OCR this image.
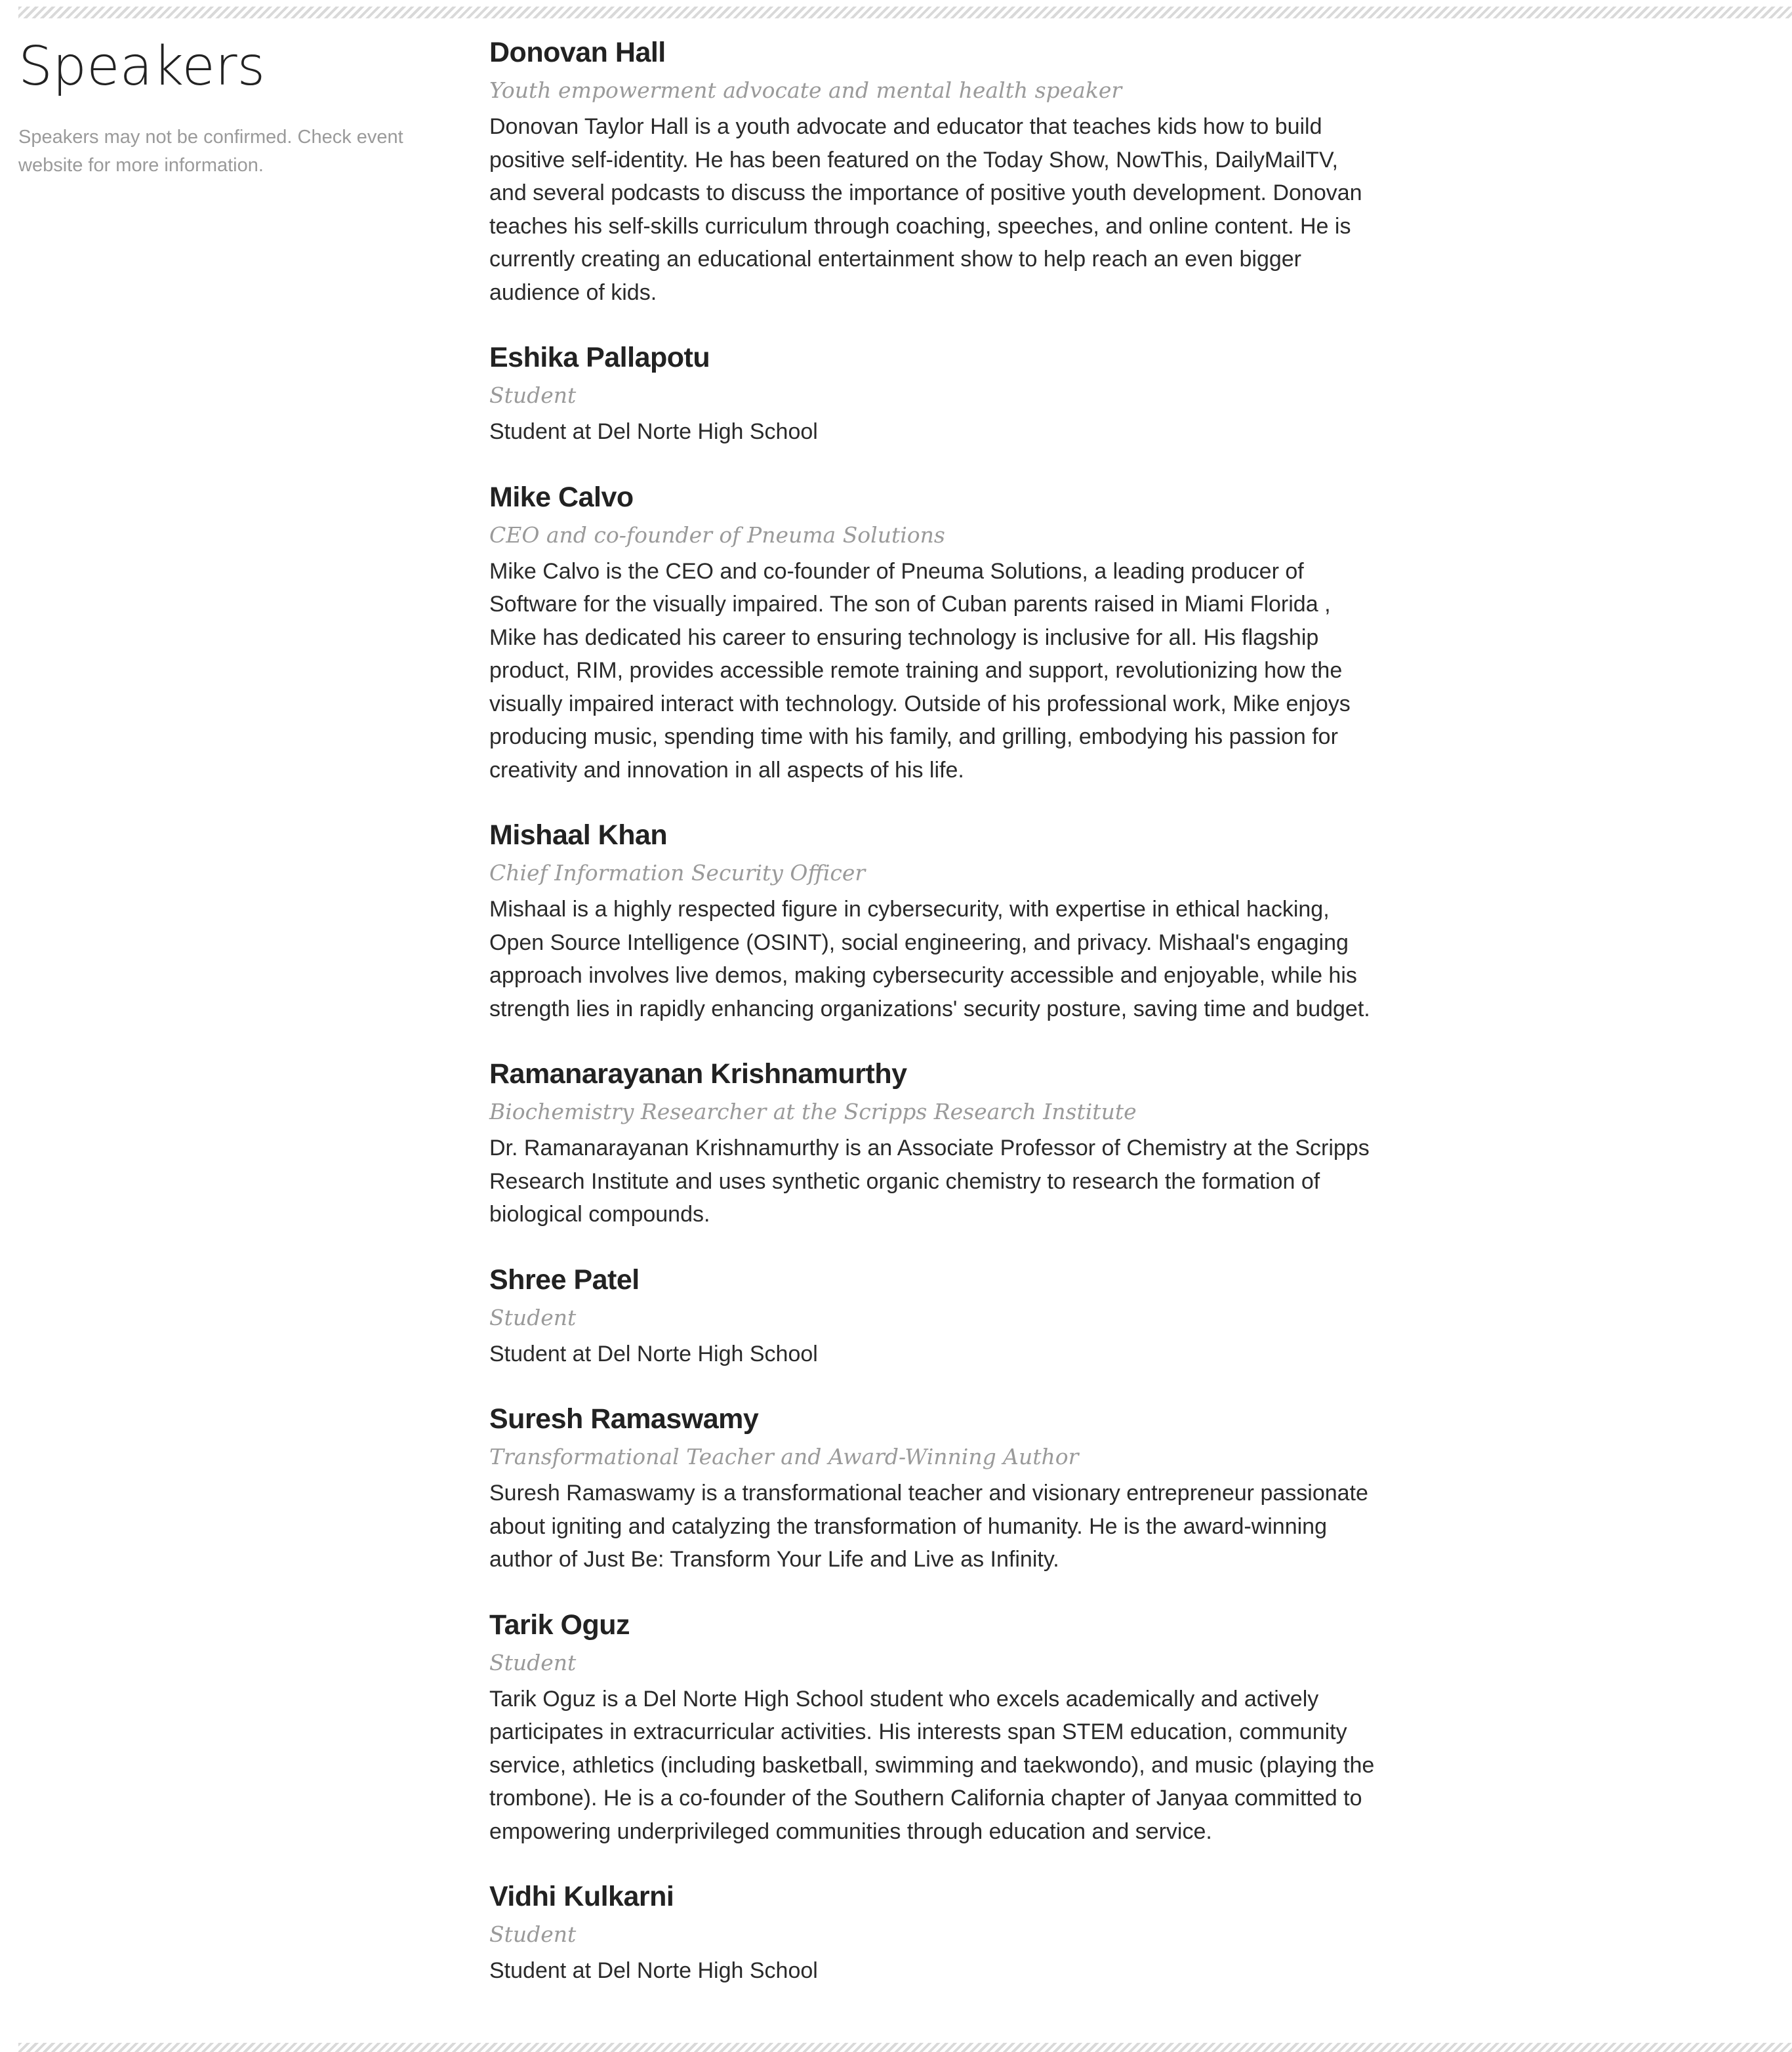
Speakers

Speakers may not be confirmed. Check event website for more information.

Donovan Hall
Youth empowerment advocate and mental health speaker
Donovan Taylor Hall is a youth advocate and educator that teaches kids how to build positive self-identity. He has been featured on the Today Show, NowThis, DailyMailTV, and several podcasts to discuss the importance of positive youth development. Donovan teaches his self-skills curriculum through coaching, speeches, and online content. He is currently creating an educational entertainment show to help reach an even bigger audience of kids.
Eshika Pallapotu
Student
Student at Del Norte High School
Mike Calvo
CEO and co-founder of Pneuma Solutions
Mike Calvo is the CEO and co-founder of Pneuma Solutions, a leading producer of Software for the visually impaired. The son of Cuban parents raised in Miami Florida , Mike has dedicated his career to ensuring technology is inclusive for all. His flagship product, RIM, provides accessible remote training and support, revolutionizing how the visually impaired interact with technology. Outside of his professional work, Mike enjoys producing music, spending time with his family, and grilling, embodying his passion for creativity and innovation in all aspects of his life.
Mishaal Khan
Chief Information Security Officer
Mishaal is a highly respected figure in cybersecurity, with expertise in ethical hacking, Open Source Intelligence (OSINT), social engineering, and privacy. Mishaal's engaging approach involves live demos, making cybersecurity accessible and enjoyable, while his strength lies in rapidly enhancing organizations' security posture, saving time and budget.
Ramanarayanan Krishnamurthy
Biochemistry Researcher at the Scripps Research Institute
Dr. Ramanarayanan Krishnamurthy is an Associate Professor of Chemistry at the Scripps Research Institute and uses synthetic organic chemistry to research the formation of biological compounds.
Shree Patel
Student
Student at Del Norte High School
Suresh Ramaswamy
Transformational Teacher and Award-Winning Author
Suresh Ramaswamy is a transformational teacher and visionary entrepreneur passionate about igniting and catalyzing the transformation of humanity. He is the award-winning author of Just Be: Transform Your Life and Live as Infinity.
Tarik Oguz
Student
Tarik Oguz is a Del Norte High School student who excels academically and actively participates in extracurricular activities. His interests span STEM education, community service, athletics (including basketball, swimming and taekwondo), and music (playing the trombone). He is a co-founder of the Southern California chapter of Janyaa committed to empowering underprivileged communities through education and service.
Vidhi Kulkarni
Student
Student at Del Norte High School
